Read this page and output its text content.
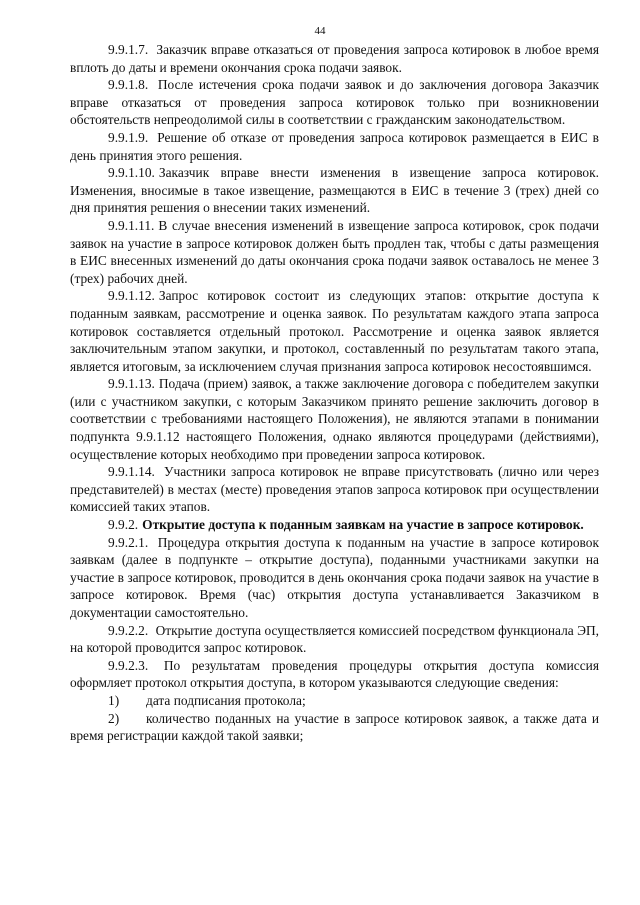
44

9.9.1.7. Заказчик вправе отказаться от проведения запроса котировок в любое время вплоть до даты и времени окончания срока подачи заявок.

9.9.1.8. После истечения срока подачи заявок и до заключения договора Заказчик вправе отказаться от проведения запроса котировок только при возникновении обстоятельств непреодолимой силы в соответствии с гражданским законодательством.

9.9.1.9. Решение об отказе от проведения запроса котировок размещается в ЕИС в день принятия этого решения.

9.9.1.10. Заказчик вправе внести изменения в извещение запроса котировок. Изменения, вносимые в такое извещение, размещаются в ЕИС в течение 3 (трех) дней со дня принятия решения о внесении таких изменений.

9.9.1.11. В случае внесения изменений в извещение запроса котировок, срок подачи заявок на участие в запросе котировок должен быть продлен так, чтобы с даты размещения в ЕИС внесенных изменений до даты окончания срока подачи заявок оставалось не менее 3 (трех) рабочих дней.

9.9.1.12. Запрос котировок состоит из следующих этапов: открытие доступа к поданным заявкам, рассмотрение и оценка заявок. По результатам каждого этапа запроса котировок составляется отдельный протокол. Рассмотрение и оценка заявок является заключительным этапом закупки, и протокол, составленный по результатам такого этапа, является итоговым, за исключением случая признания запроса котировок несостоявшимся.

9.9.1.13. Подача (прием) заявок, а также заключение договора с победителем закупки (или с участником закупки, с которым Заказчиком принято решение заключить договор в соответствии с требованиями настоящего Положения), не являются этапами в понимании подпункта 9.9.1.12 настоящего Положения, однако являются процедурами (действиями), осуществление которых необходимо при проведении запроса котировок.

9.9.1.14. Участники запроса котировок не вправе присутствовать (лично или через представителей) в местах (месте) проведения этапов запроса котировок при осуществлении комиссией таких этапов.

9.9.2. Открытие доступа к поданным заявкам на участие в запросе котировок.

9.9.2.1. Процедура открытия доступа к поданным на участие в запросе котировок заявкам (далее в подпункте – открытие доступа), поданными участниками закупки на участие в запросе котировок, проводится в день окончания срока подачи заявок на участие в запросе котировок. Время (час) открытия доступа устанавливается Заказчиком в документации самостоятельно.

9.9.2.2. Открытие доступа осуществляется комиссией посредством функционала ЭП, на которой проводится запрос котировок.

9.9.2.3. По результатам проведения процедуры открытия доступа комиссия оформляет протокол открытия доступа, в котором указываются следующие сведения:

1) дата подписания протокола;

2) количество поданных на участие в запросе котировок заявок, а также дата и время регистрации каждой такой заявки;
